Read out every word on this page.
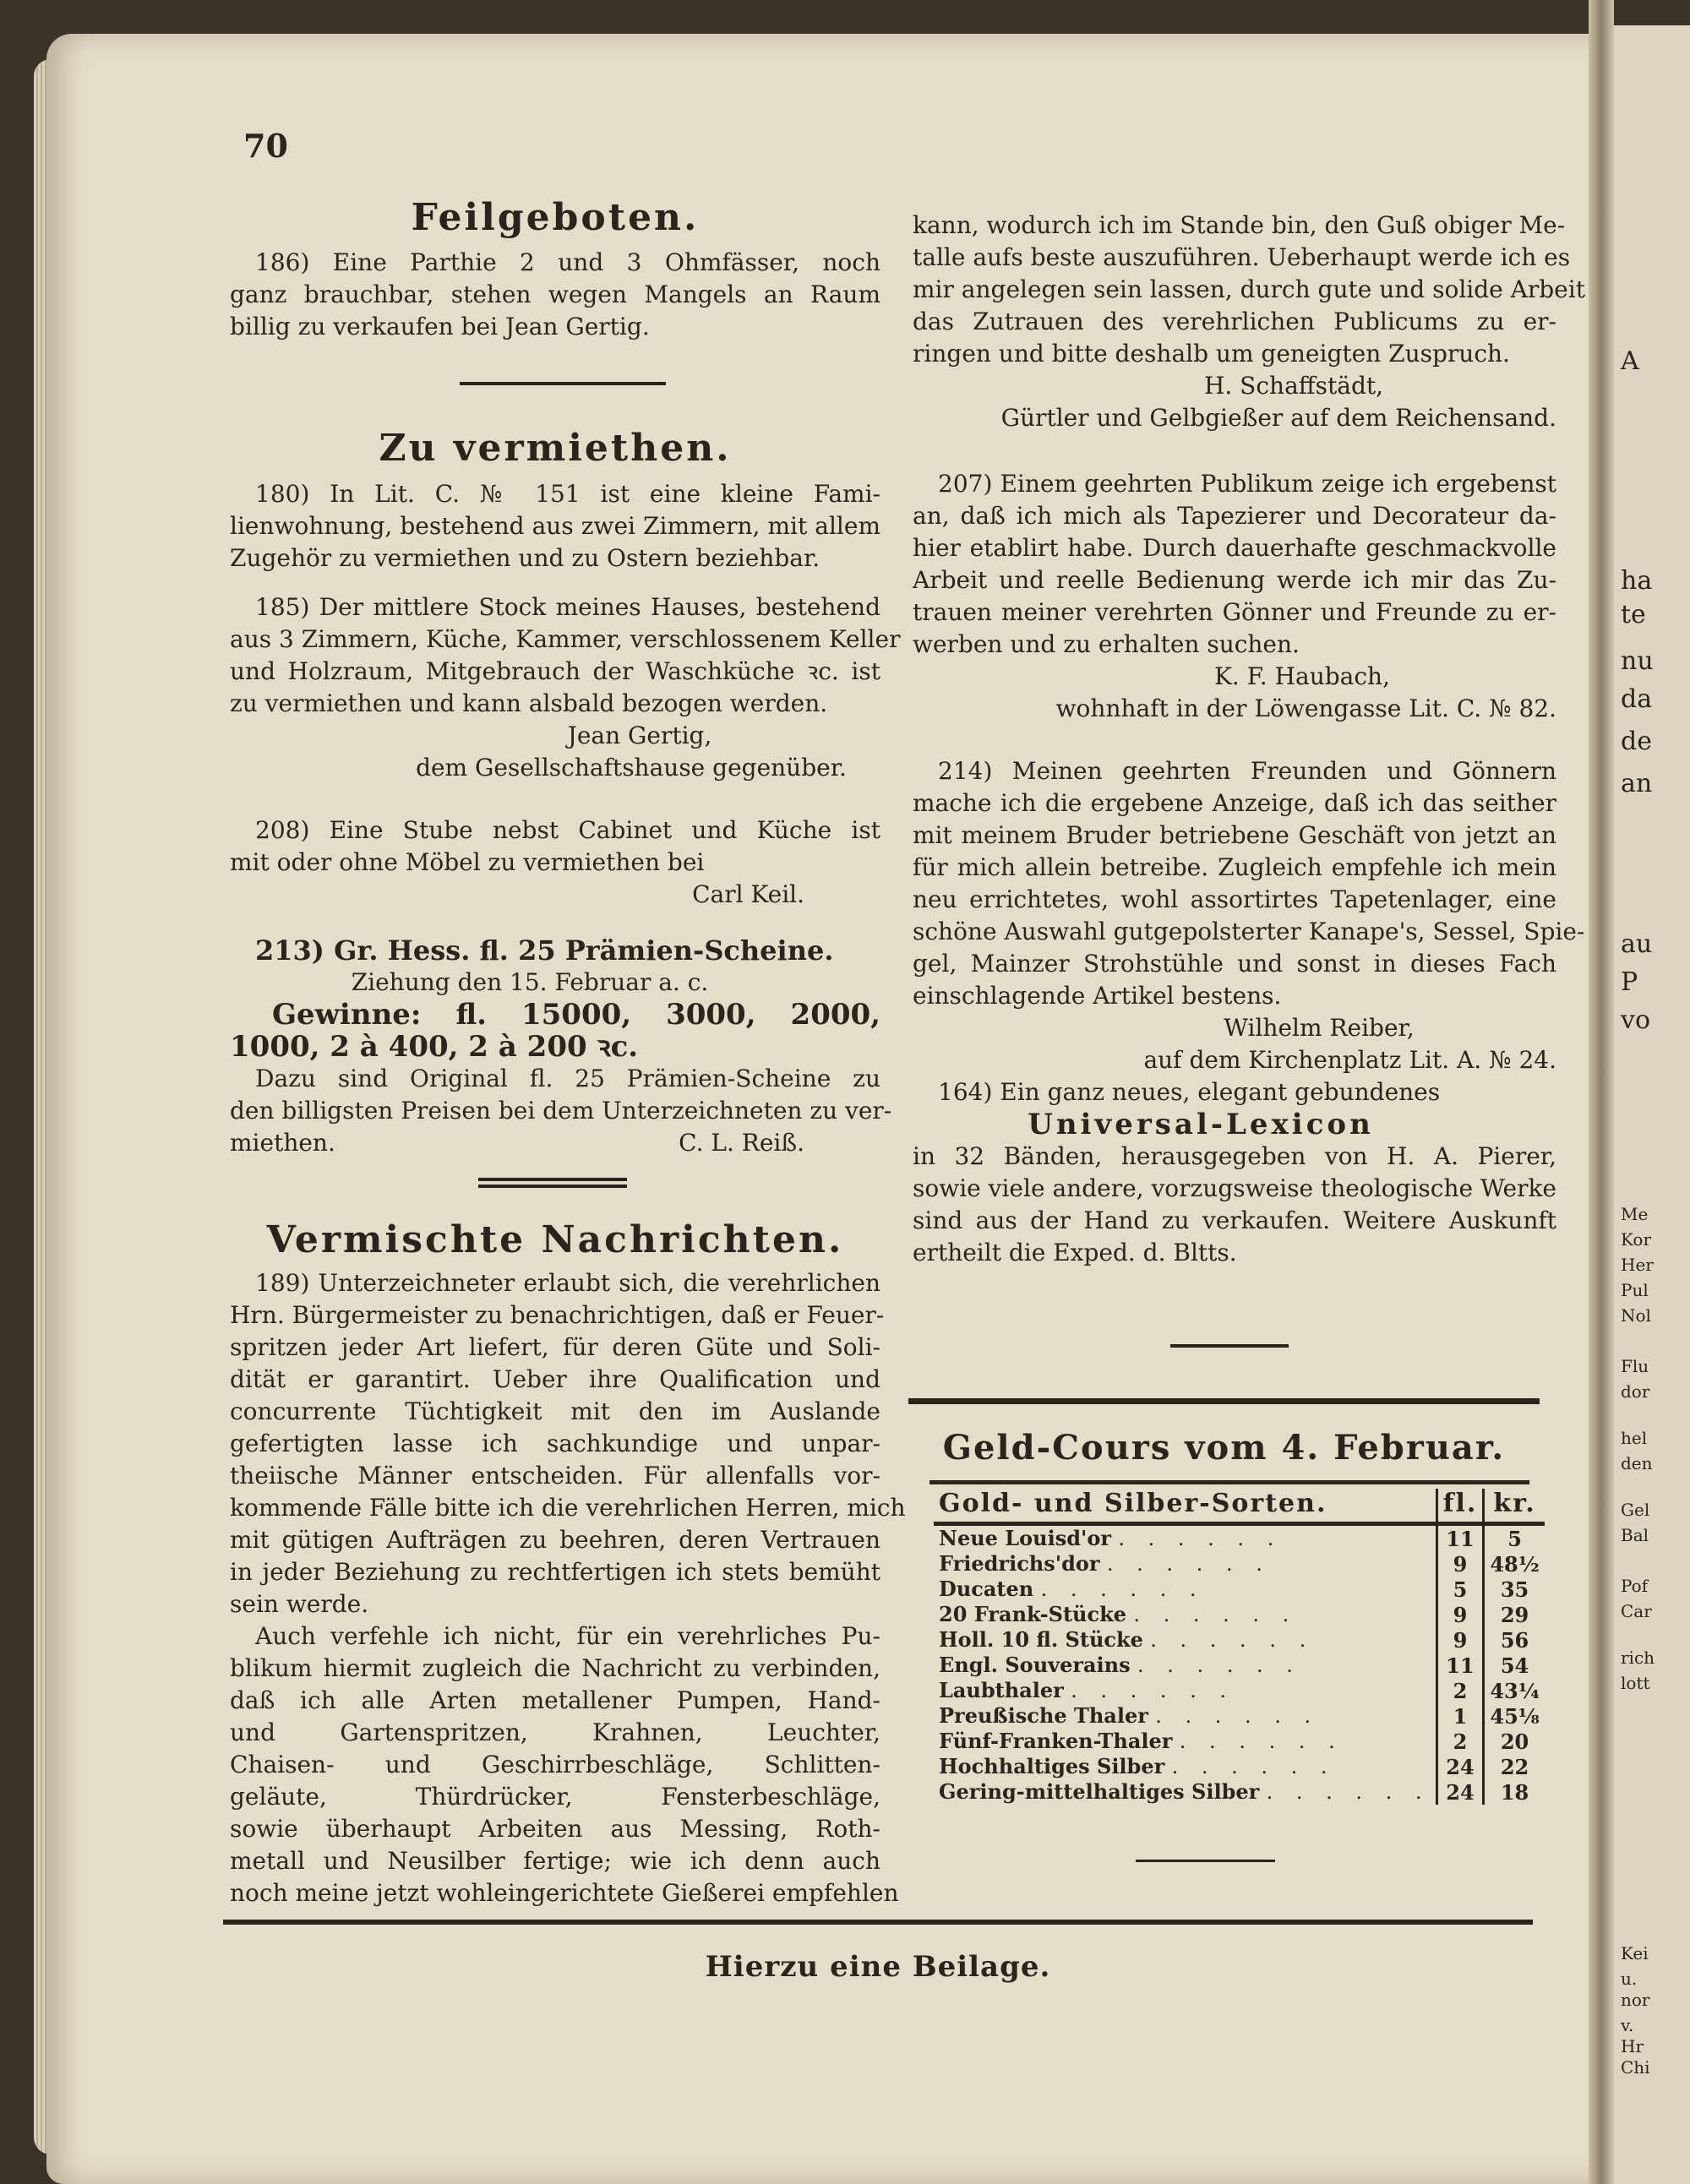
A
ha
te
nu
da
de
an
au
P
vo
Me
Kor
Her
Pul
Nol
Flu
dor
hel
den
Gel
Bal
Pof
Car
rich
lott
Kei
u.
nor
v.
Hr
Chi
70
Feilgeboten.
186) Eine Parthie 2 und 3 Ohmfässer, noch
ganz brauchbar, stehen wegen Mangels an Raum
billig zu verkaufen bei Jean Gertig.
Zu vermiethen.
180) In Lit. C. № 151 ist eine kleine Fami-
lienwohnung, bestehend aus zwei Zimmern, mit allem
Zugehör zu vermiethen und zu Ostern beziehbar.
185) Der mittlere Stock meines Hauses, bestehend
aus 3 Zimmern, Küche, Kammer, verschlossenem Keller
und Holzraum, Mitgebrauch der Waschküche ꝛc. ist
zu vermiethen und kann alsbald bezogen werden.
Jean Gertig,
dem Gesellschaftshause gegenüber.
208) Eine Stube nebst Cabinet und Küche ist
mit oder ohne Möbel zu vermiethen bei
Carl Keil.
213) Gr. Hess. fl. 25 Prämien-Scheine.
Ziehung den 15. Februar a. c.
Gewinne: fl. 15000, 3000, 2000,
1000, 2 à 400, 2 à 200 ꝛc.
Dazu sind Original fl. 25 Prämien-Scheine zu
den billigsten Preisen bei dem Unterzeichneten zu ver-
miethen.	C. L. Reiß.
Vermischte Nachrichten.
189) Unterzeichneter erlaubt sich, die verehrlichen
Hrn. Bürgermeister zu benachrichtigen, daß er Feuer-
spritzen jeder Art liefert, für deren Güte und Soli-
dität er garantirt. Ueber ihre Qualification und
concurrente Tüchtigkeit mit den im Auslande
gefertigten lasse ich sachkundige und unpar-
theiische Männer entscheiden. Für allenfalls vor-
kommende Fälle bitte ich die verehrlichen Herren, mich
mit gütigen Aufträgen zu beehren, deren Vertrauen
in jeder Beziehung zu rechtfertigen ich stets bemüht
sein werde.
Auch verfehle ich nicht, für ein verehrliches Pu-
blikum hiermit zugleich die Nachricht zu verbinden,
daß ich alle Arten metallener Pumpen, Hand-
und Gartenspritzen, Krahnen, Leuchter,
Chaisen- und Geschirrbeschläge, Schlitten-
geläute, Thürdrücker, Fensterbeschläge,
sowie überhaupt Arbeiten aus Messing, Roth-
metall und Neusilber fertige; wie ich denn auch
noch meine jetzt wohleingerichtete Gießerei empfehlen
kann, wodurch ich im Stande bin, den Guß obiger Me-
talle aufs beste auszuführen. Ueberhaupt werde ich es
mir angelegen sein lassen, durch gute und solide Arbeit
das Zutrauen des verehrlichen Publicums zu er-
ringen und bitte deshalb um geneigten Zuspruch.
H. Schaffstädt,
Gürtler und Gelbgießer auf dem Reichensand.
207) Einem geehrten Publikum zeige ich ergebenst
an, daß ich mich als Tapezierer und Decorateur da-
hier etablirt habe. Durch dauerhafte geschmackvolle
Arbeit und reelle Bedienung werde ich mir das Zu-
trauen meiner verehrten Gönner und Freunde zu er-
werben und zu erhalten suchen.
K. F. Haubach,
wohnhaft in der Löwengasse Lit. C. № 82.
214) Meinen geehrten Freunden und Gönnern
mache ich die ergebene Anzeige, daß ich das seither
mit meinem Bruder betriebene Geschäft von jetzt an
für mich allein betreibe. Zugleich empfehle ich mein
neu errichtetes, wohl assortirtes Tapetenlager, eine
schöne Auswahl gutgepolsterter Kanape's, Sessel, Spie-
gel, Mainzer Strohstühle und sonst in dieses Fach
einschlagende Artikel bestens.
Wilhelm Reiber,
auf dem Kirchenplatz Lit. A. № 24.
164) Ein ganz neues, elegant gebundenes
Universal-Lexicon
in 32 Bänden, herausgegeben von H. A. Pierer,
sowie viele andere, vorzugsweise theologische Werke
sind aus der Hand zu verkaufen. Weitere Auskunft
ertheilt die Exped. d. Bltts.
Geld-Cours vom 4. Februar.
Gold- und Silber-Sorten.	fl.	kr.
Neue Louisd'or . . . . . .	11	5
Friedrichs'dor . . . . . .	9	48½
Ducaten . . . . . .	5	35
20 Frank-Stücke . . . . . .	9	29
Holl. 10 fl. Stücke . . . . . .	9	56
Engl. Souverains . . . . . .	11	54
Laubthaler . . . . . .	2	43¼
Preußische Thaler . . . . . .	1	45⅛
Fünf-Franken-Thaler . . . . . .	2	20
Hochhaltiges Silber . . . . . .	24	22
Gering-mittelhaltiges Silber . . . . . .	24	18
Hierzu eine Beilage.
